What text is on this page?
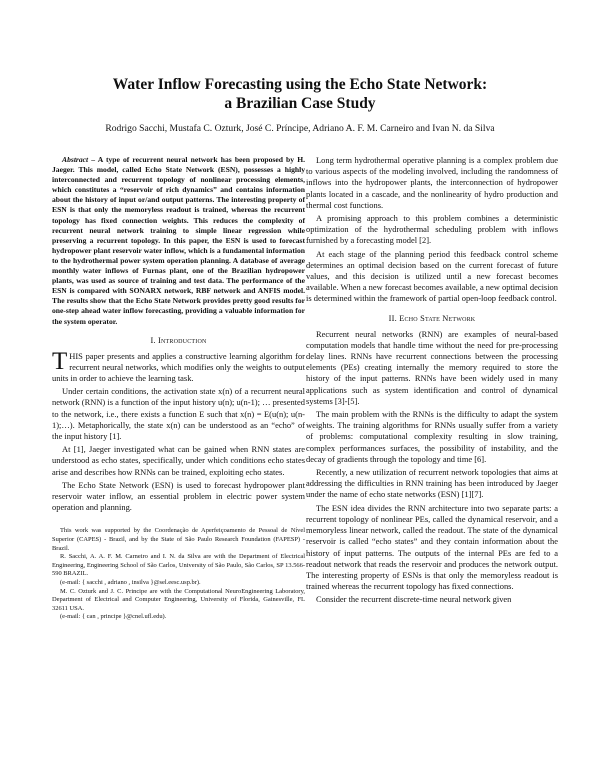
Water Inflow Forecasting using the Echo State Network:
a Brazilian Case Study
Rodrigo Sacchi, Mustafa C. Ozturk, José C. Príncipe, Adriano A. F. M. Carneiro and Ivan N. da Silva

Abstract – A type of recurrent neural network has been proposed by H. Jaeger. This model, called Echo State Network (ESN), possesses a highly interconnected and recurrent topology of nonlinear processing elements, which constitutes a “reservoir of rich dynamics” and contains information about the history of input or/and output patterns. The interesting property of ESN is that only the memoryless readout is trained, whereas the recurrent topology has fixed connection weights. This reduces the complexity of recurrent neural network training to simple linear regression while preserving a recurrent topology. In this paper, the ESN is used to forecast hydropower plant reservoir water inflow, which is a fundamental information to the hydrothermal power system operation planning. A database of average monthly water inflows of Furnas plant, one of the Brazilian hydropower plants, was used as source of training and test data. The performance of the ESN is compared with SONARX network, RBF network and ANFIS model. The results show that the Echo State Network provides pretty good results for one-step ahead water inflow forecasting, providing a valuable information for the system operator.

I. Introduction

THIS paper presents and applies a constructive learning algorithm for recurrent neural networks, which modifies only the weights to output units in order to achieve the learning task.

Under certain conditions, the activation state x(n) of a recurrent neural network (RNN) is a function of the input history u(n); u(n-1); … presented to the network, i.e., there exists a function E such that x(n) = E(u(n); u(n-1);…). Metaphorically, the state x(n) can be understood as an “echo” of the input history [1].

At [1], Jaeger investigated what can be gained when RNN states are understood as echo states, specifically, under which conditions echo states arise and describes how RNNs can be trained, exploiting echo states.

The Echo State Network (ESN) is used to forecast hydropower plant reservoir water inflow, an essential problem in electric power system operation and planning.

This work was supported by the Coordenação de Aperfeiçoamento de Pessoal de Nível Superior (CAPES) - Brazil, and by the State of São Paulo Research Foundation (FAPESP) - Brazil.

R. Sacchi, A. A. F. M. Carneiro and I. N. da Silva are with the Department of Electrical Engineering, Engineering School of São Carlos, University of São Paulo, São Carlos, SP 13.566-590 BRAZIL.

(e-mail: { sacchi , adriano , insilva }@sel.eesc.usp.br).

M. C. Ozturk and J. C. Principe are with the Computational NeuroEngineering Laboratory, Department of Electrical and Computer Engineering, University of Florida, Gainesville, FL 32611 USA.

(e-mail: { can , principe }@cnel.ufl.edu).

Long term hydrothermal operative planning is a complex problem due to various aspects of the modeling involved, including the randomness of inflows into the hydropower plants, the interconnection of hydropower plants located in a cascade, and the nonlinearity of hydro production and thermal cost functions.

A promising approach to this problem combines a deterministic optimization of the hydrothermal scheduling problem with inflows furnished by a forecasting model [2].

At each stage of the planning period this feedback control scheme determines an optimal decision based on the current forecast of future values, and this decision is utilized until a new forecast becomes available. When a new forecast becomes available, a new optimal decision is determined within the framework of partial open-loop feedback control.

II. Echo State Network

Recurrent neural networks (RNN) are examples of neural-based computation models that handle time without the need for pre-processing delay lines. RNNs have recurrent connections between the processing elements (PEs) creating internally the memory required to store the history of the input patterns. RNNs have been widely used in many applications such as system identification and control of dynamical systems [3]-[5].

The main problem with the RNNs is the difficulty to adapt the system weights. The training algorithms for RNNs usually suffer from a variety of problems: computational complexity resulting in slow training, complex performances surfaces, the possibility of instability, and the decay of gradients through the topology and time [6].

Recently, a new utilization of recurrent network topologies that aims at addressing the difficulties in RNN training has been introduced by Jaeger under the name of echo state networks (ESN) [1][7].

The ESN idea divides the RNN architecture into two separate parts: a recurrent topology of nonlinear PEs, called the dynamical reservoir, and a memoryless linear network, called the readout. The state of the dynamical reservoir is called “echo states” and they contain information about the history of input patterns. The outputs of the internal PEs are fed to a readout network that reads the reservoir and produces the network output. The interesting property of ESNs is that only the memoryless readout is trained whereas the recurrent topology has fixed connections.

Consider the recurrent discrete-time neural network given
